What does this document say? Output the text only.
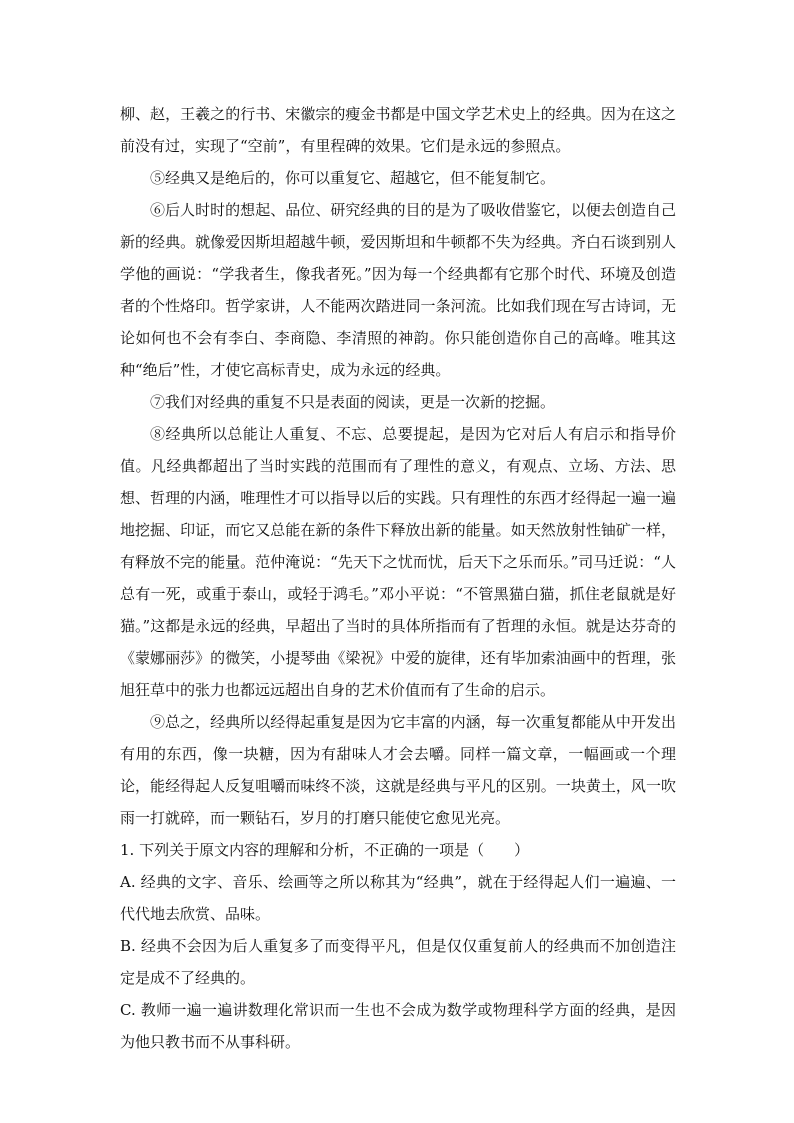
柳、赵，王羲之的行书、宋徽宗的瘦金书都是中国文学艺术史上的经典。因为在这之前没有过，实现了“空前”，有里程碑的效果。它们是永远的参照点。

⑤经典又是绝后的，你可以重复它、超越它，但不能复制它。

⑥后人时时的想起、品位、研究经典的目的是为了吸收借鉴它，以便去创造自己新的经典。就像爱因斯坦超越牛顿，爱因斯坦和牛顿都不失为经典。齐白石谈到别人学他的画说：“学我者生，像我者死。”因为每一个经典都有它那个时代、环境及创造者的个性烙印。哲学家讲，人不能两次踏进同一条河流。比如我们现在写古诗词，无论如何也不会有李白、李商隐、李清照的神韵。你只能创造你自己的高峰。唯其这种“绝后”性，才使它高标青史，成为永远的经典。

⑦我们对经典的重复不只是表面的阅读，更是一次新的挖掘。

⑧经典所以总能让人重复、不忘、总要提起，是因为它对后人有启示和指导价值。凡经典都超出了当时实践的范围而有了理性的意义，有观点、立场、方法、思想、哲理的内涵，唯理性才可以指导以后的实践。只有理性的东西才经得起一遍一遍地挖掘、印证，而它又总能在新的条件下释放出新的能量。如天然放射性铀矿一样，有释放不完的能量。范仲淹说：“先天下之忧而忧，后天下之乐而乐。”司马迁说：“人总有一死，或重于泰山，或轻于鸿毛。”邓小平说：“不管黑猫白猫，抓住老鼠就是好猫。”这都是永远的经典，早超出了当时的具体所指而有了哲理的永恒。就是达芬奇的《蒙娜丽莎》的微笑，小提琴曲《梁祝》中爱的旋律，还有毕加索油画中的哲理，张旭狂草中的张力也都远远超出自身的艺术价值而有了生命的启示。

⑨总之，经典所以经得起重复是因为它丰富的内涵，每一次重复都能从中开发出有用的东西，像一块糖，因为有甜味人才会去嚼。同样一篇文章，一幅画或一个理论，能经得起人反复咀嚼而味终不淡，这就是经典与平凡的区别。一块黄土，风一吹雨一打就碎，而一颗钻石，岁月的打磨只能使它愈见光亮。

1. 下列关于原文内容的理解和分析，不正确的一项是（　　）

A. 经典的文字、音乐、绘画等之所以称其为“经典”，就在于经得起人们一遍遍、一代代地去欣赏、品味。

B. 经典不会因为后人重复多了而变得平凡，但是仅仅重复前人的经典而不加创造注定是成不了经典的。

C. 教师一遍一遍讲数理化常识而一生也不会成为数学或物理科学方面的经典，是因为他只教书而不从事科研。
